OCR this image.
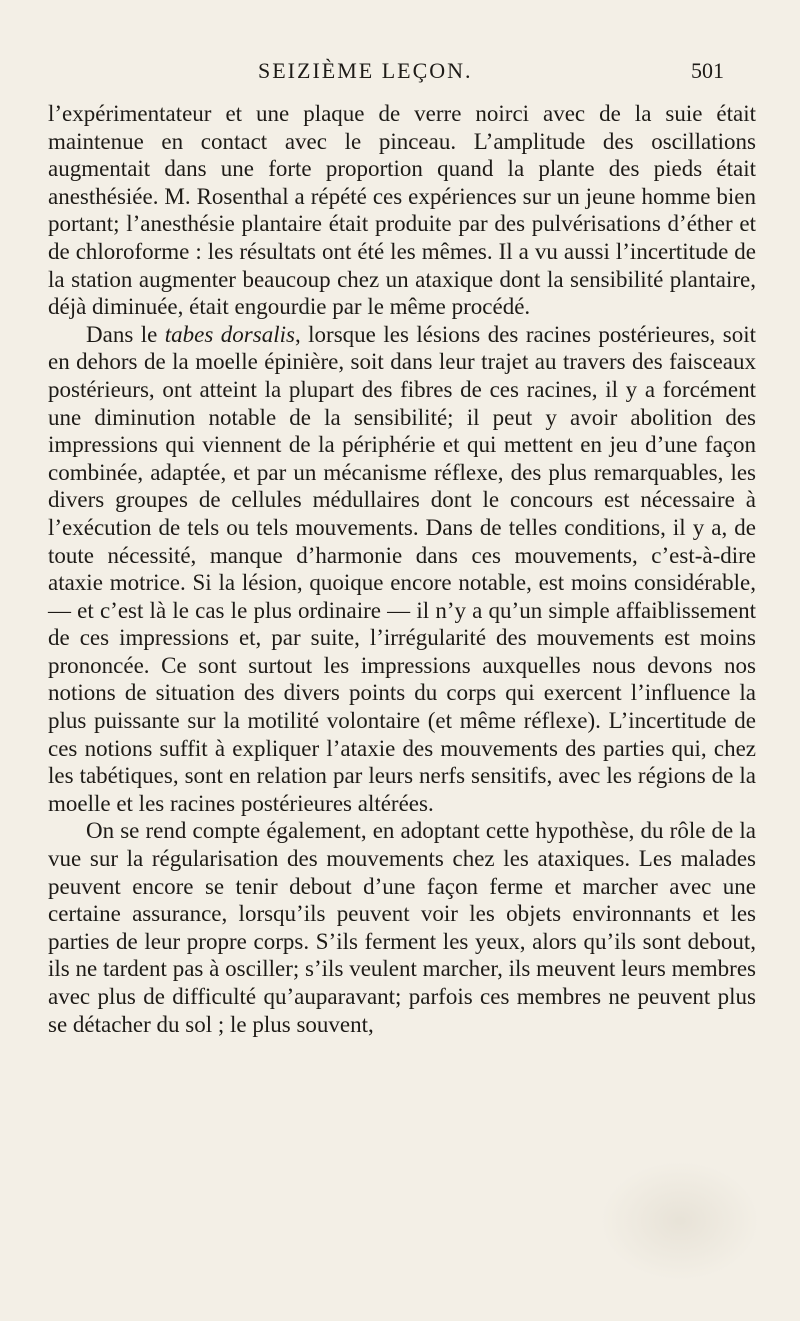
SEIZIÈME LEÇON.	501

l’expérimentateur et une plaque de verre noirci avec de la suie était maintenue en contact avec le pinceau. L’amplitude des oscillations augmentait dans une forte proportion quand la plante des pieds était anesthésiée. M. Rosenthal a répété ces expériences sur un jeune homme bien portant; l’anesthésie plantaire était produite par des pulvérisations d’éther et de chloroforme : les résultats ont été les mêmes. Il a vu aussi l’incertitude de la station augmenter beaucoup chez un ataxique dont la sensibilité plantaire, déjà diminuée, était engourdie par le même procédé.

Dans le tabes dorsalis, lorsque les lésions des racines postérieures, soit en dehors de la moelle épinière, soit dans leur trajet au travers des faisceaux postérieurs, ont atteint la plupart des fibres de ces racines, il y a forcément une diminution notable de la sensibilité; il peut y avoir abolition des impressions qui viennent de la périphérie et qui mettent en jeu d’une façon combinée, adaptée, et par un mécanisme réflexe, des plus remarquables, les divers groupes de cellules médullaires dont le concours est nécessaire à l’exécution de tels ou tels mouvements. Dans de telles conditions, il y a, de toute nécessité, manque d’harmonie dans ces mouvements, c’est-à-dire ataxie motrice. Si la lésion, quoique encore notable, est moins considérable, — et c’est là le cas le plus ordinaire — il n’y a qu’un simple affaiblissement de ces impressions et, par suite, l’irrégularité des mouvements est moins prononcée. Ce sont surtout les impressions auxquelles nous devons nos notions de situation des divers points du corps qui exercent l’influence la plus puissante sur la motilité volontaire (et même réflexe). L’incertitude de ces notions suffit à expliquer l’ataxie des mouvements des parties qui, chez les tabétiques, sont en relation par leurs nerfs sensitifs, avec les régions de la moelle et les racines postérieures altérées.

On se rend compte également, en adoptant cette hypothèse, du rôle de la vue sur la régularisation des mouvements chez les ataxiques. Les malades peuvent encore se tenir debout d’une façon ferme et marcher avec une certaine assurance, lorsqu’ils peuvent voir les objets environnants et les parties de leur propre corps. S’ils ferment les yeux, alors qu’ils sont debout, ils ne tardent pas à osciller; s’ils veulent marcher, ils meuvent leurs membres avec plus de difficulté qu’auparavant; parfois ces membres ne peuvent plus se détacher du sol ; le plus souvent,
